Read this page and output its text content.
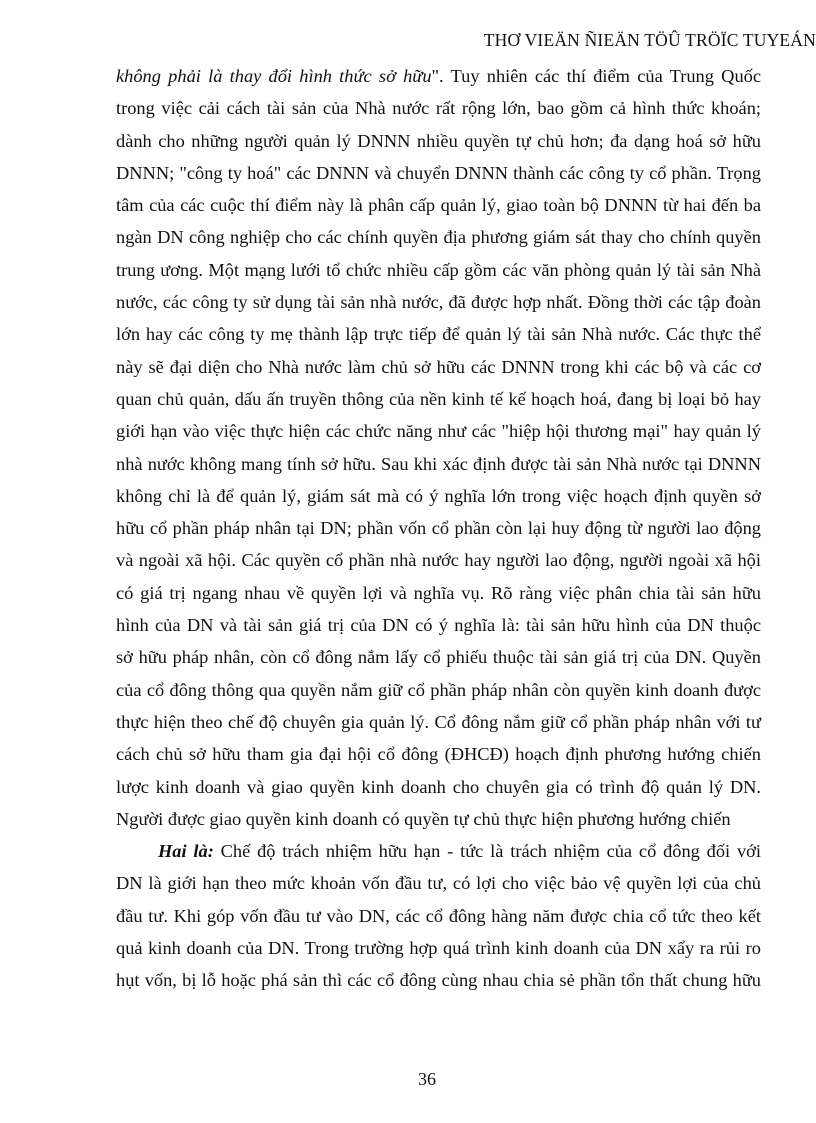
THƠ VIEÄN ÑIEÄN TÖÛ TRÖÏC TUYEÁN
không phải là thay đổi hình thức sở hữu". Tuy nhiên các thí điểm của Trung Quốc
trong việc cải cách tài sản của Nhà nước rất rộng lớn, bao gồm cả hình thức khoán;
dành cho những người quản lý DNNN nhiều quyền tự chủ hơn; đa dạng hoá sở hữu
DNNN; "công ty hoá" các DNNN và chuyển DNNN thành các công ty cổ phần. Trọng
tâm của các cuộc thí điểm này là phân cấp quản lý, giao toàn bộ DNNN từ hai đến ba
ngàn DN công nghiệp cho các chính quyền địa phương giám sát thay cho chính quyền
trung ương. Một mạng lưới tổ chức nhiều cấp gồm các văn phòng quản lý tài sản Nhà
nước, các công ty sử dụng tài sản nhà nước, đã được hợp nhất. Đồng thời các tập đoàn
lớn hay các công ty mẹ thành lập trực tiếp để quản lý tài sản Nhà nước. Các thực thể
này sẽ đại diện cho Nhà nước làm chủ sở hữu các DNNN trong khi các bộ và các cơ
quan chủ quản, dấu ấn truyền thông của nền kinh tế kế hoạch hoá, đang bị loại bỏ hay
giới hạn vào việc thực hiện các chức năng như các "hiệp hội thương mại" hay quản lý
nhà nước không mang tính sở hữu. Sau khi xác định được tài sản Nhà nước tại DNNN
không chỉ là để quản lý, giám sát mà có ý nghĩa lớn trong việc hoạch định quyền sở
hữu cổ phần pháp nhân tại DN; phần vốn cổ phần còn lại huy động từ người lao động
và ngoài xã hội. Các quyền cổ phần nhà nước hay người lao động, người ngoài xã hội
có giá trị ngang nhau về quyền lợi và nghĩa vụ. Rõ ràng việc phân chia tài sản hữu
hình của DN và tài sản giá trị của DN có ý nghĩa là: tài sản hữu hình của DN thuộc
sở hữu pháp nhân, còn cổ đông nắm lấy cổ phiếu thuộc tài sản giá trị của DN. Quyền
của cổ đông thông qua quyền nắm giữ cổ phần pháp nhân còn quyền kinh doanh được
thực hiện theo chế độ chuyên gia quản lý. Cổ đông nắm giữ cổ phần pháp nhân với tư
cách chủ sở hữu tham gia đại hội cổ đông (ĐHCĐ) hoạch định phương hướng chiến
lược kinh doanh và giao quyền kinh doanh cho chuyên gia có trình độ quản lý DN.
Người được giao quyền kinh doanh có quyền tự chủ thực hiện phương hướng chiến
Hai là: Chế độ trách nhiệm hữu hạn - tức là trách nhiệm của cổ đông đối với
DN là giới hạn theo mức khoản vốn đầu tư, có lợi cho việc bảo vệ quyền lợi của chủ
đầu tư. Khi góp vốn đầu tư vào DN, các cổ đông hàng năm được chia cổ tức theo kết
quả kinh doanh của DN. Trong trường hợp quá trình kinh doanh của DN xẩy ra rủi ro
hụt vốn, bị lỗ hoặc phá sản thì các cổ đông cùng nhau chia sẻ phần tổn thất chung hữu
36
